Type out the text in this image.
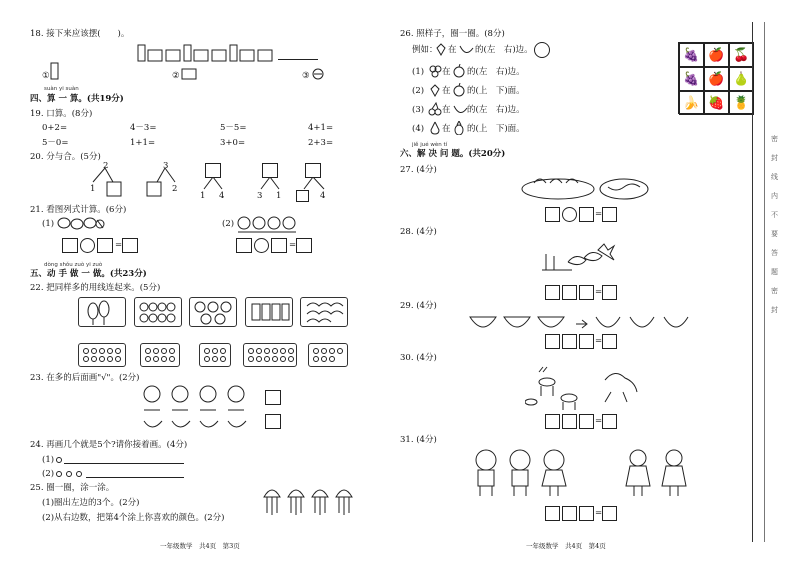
18. 接下来应该摆(　　)。
①	②	③
suàn yi suàn
四、算 一 算。(共19分)
19. 口算。(8分)
0+2=	4－3=	5－5=	4+1=
5－0=	1+1=	3+0=	2+3=
20. 分与合。(5分)
2
1
3
2
1 4	3 1	4
21. 看图列式计算。(6分)
(1)
=
(2)
=
dòng shǒu zuò yi zuò
五、动 手 做 一 做。(共23分)
22. 把同样多的用线连起来。(5分)
23. 在多的后面画"√"。(2分)
24. 再画几个就是5个?请你接着画。(4分)
(1)
(2)
25. 圈一圈，涂一涂。
(1)圈出左边的3个。(2分)
(2)从右边数，把第4个涂上你喜欢的颜色。(2分)
一年级数学　共4页　第3页
26. 照样子，圈一圈。(8分)
例如： 在 的(左　右)边。
(1) 在 的(左　右)边。
(2) 在 的(上　下)面。
(3) 在 的(左　右)边。
(4) 在 的(上　下)面。
🍇 🍎 🍒
🍇 🍎 🍐
🍌 🍓 🍍
jiě jué wèn tí
六、解 决 问 题。(共20分)
27. (4分)
=
28. (4分)
=
29. (4分)
=
30. (4分)
=
31. (4分)
=
一年级数学　共4页　第4页
密
封
线
内
不
要
答
题
密
封
